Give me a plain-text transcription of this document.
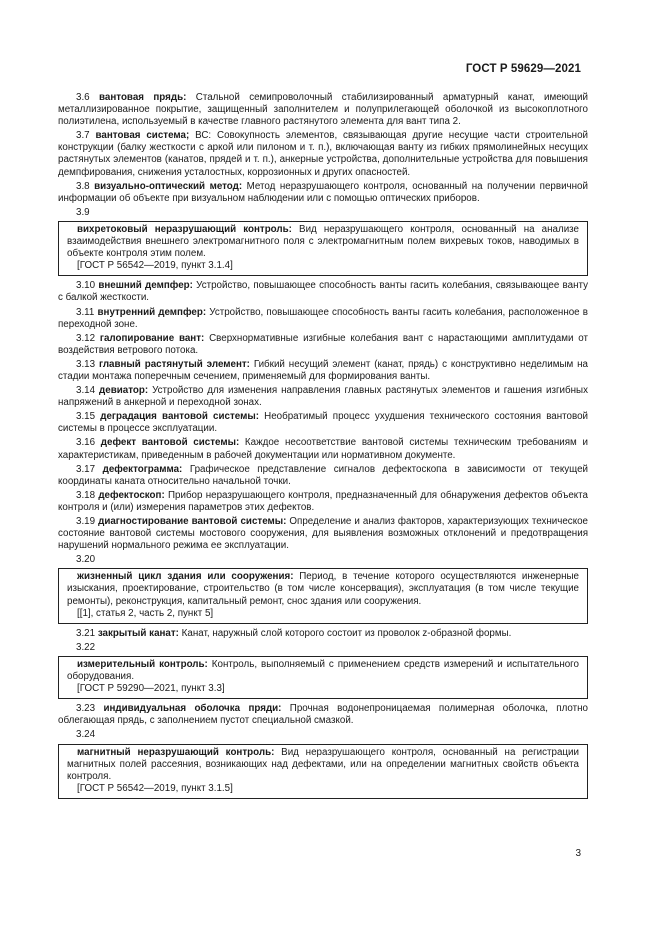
ГОСТ Р 59629—2021

3.6 вантовая прядь: Стальной семипроволочный стабилизированный арматурный канат, имеющий металлизированное покрытие, защищенный заполнителем и полуприлегающей оболочкой из высокоплотного полиэтилена, используемый в качестве главного растянутого элемента для вант типа 2.

3.7 вантовая система; ВС: Совокупность элементов, связывающая другие несущие части строительной конструкции (балку жесткости с аркой или пилоном и т. п.), включающая ванту из гибких прямолинейных несущих растянутых элементов (канатов, прядей и т. п.), анкерные устройства, дополнительные устройства для повышения демпфирования, снижения усталостных, коррозионных и других опасностей.

3.8 визуально-оптический метод: Метод неразрушающего контроля, основанный на получении первичной информации об объекте при визуальном наблюдении или с помощью оптических приборов.

3.9

вихретоковый неразрушающий контроль: Вид неразрушающего контроля, основанный на анализе взаимодействия внешнего электромагнитного поля с электромагнитным полем вихревых токов, наводимых в объекте контроля этим полем.

[ГОСТ Р 56542—2019, пункт 3.1.4]

3.10 внешний демпфер: Устройство, повышающее способность ванты гасить колебания, связывающее ванту с балкой жесткости.

3.11 внутренний демпфер: Устройство, повышающее способность ванты гасить колебания, расположенное в переходной зоне.

3.12 галопирование вант: Сверхнормативные изгибные колебания вант с нарастающими амплитудами от воздействия ветрового потока.

3.13 главный растянутый элемент: Гибкий несущий элемент (канат, прядь) с конструктивно неделимым на стадии монтажа поперечным сечением, применяемый для формирования ванты.

3.14 девиатор: Устройство для изменения направления главных растянутых элементов и гашения изгибных напряжений в анкерной и переходной зонах.

3.15 деградация вантовой системы: Необратимый процесс ухудшения технического состояния вантовой системы в процессе эксплуатации.

3.16 дефект вантовой системы: Каждое несоответствие вантовой системы техническим требованиям и характеристикам, приведенным в рабочей документации или нормативном документе.

3.17 дефектограмма: Графическое представление сигналов дефектоскопа в зависимости от текущей координаты каната относительно начальной точки.

3.18 дефектоскоп: Прибор неразрушающего контроля, предназначенный для обнаружения дефектов объекта контроля и (или) измерения параметров этих дефектов.

3.19 диагностирование вантовой системы: Определение и анализ факторов, характеризующих техническое состояние вантовой системы мостового сооружения, для выявления возможных отклонений и предотвращения нарушений нормального режима ее эксплуатации.

3.20

жизненный цикл здания или сооружения: Период, в течение которого осуществляются инженерные изыскания, проектирование, строительство (в том числе консервация), эксплуатация (в том числе текущие ремонты), реконструкция, капитальный ремонт, снос здания или сооружения.

[[1], статья 2, часть 2, пункт 5]

3.21 закрытый канат: Канат, наружный слой которого состоит из проволок z-образной формы.

3.22

измерительный контроль: Контроль, выполняемый с применением средств измерений и испытательного оборудования.

[ГОСТ Р 59290—2021, пункт 3.3]

3.23 индивидуальная оболочка пряди: Прочная водонепроницаемая полимерная оболочка, плотно облегающая прядь, с заполнением пустот специальной смазкой.

3.24

магнитный неразрушающий контроль: Вид неразрушающего контроля, основанный на регистрации магнитных полей рассеяния, возникающих над дефектами, или на определении магнитных свойств объекта контроля.

[ГОСТ Р 56542—2019, пункт 3.1.5]

3
